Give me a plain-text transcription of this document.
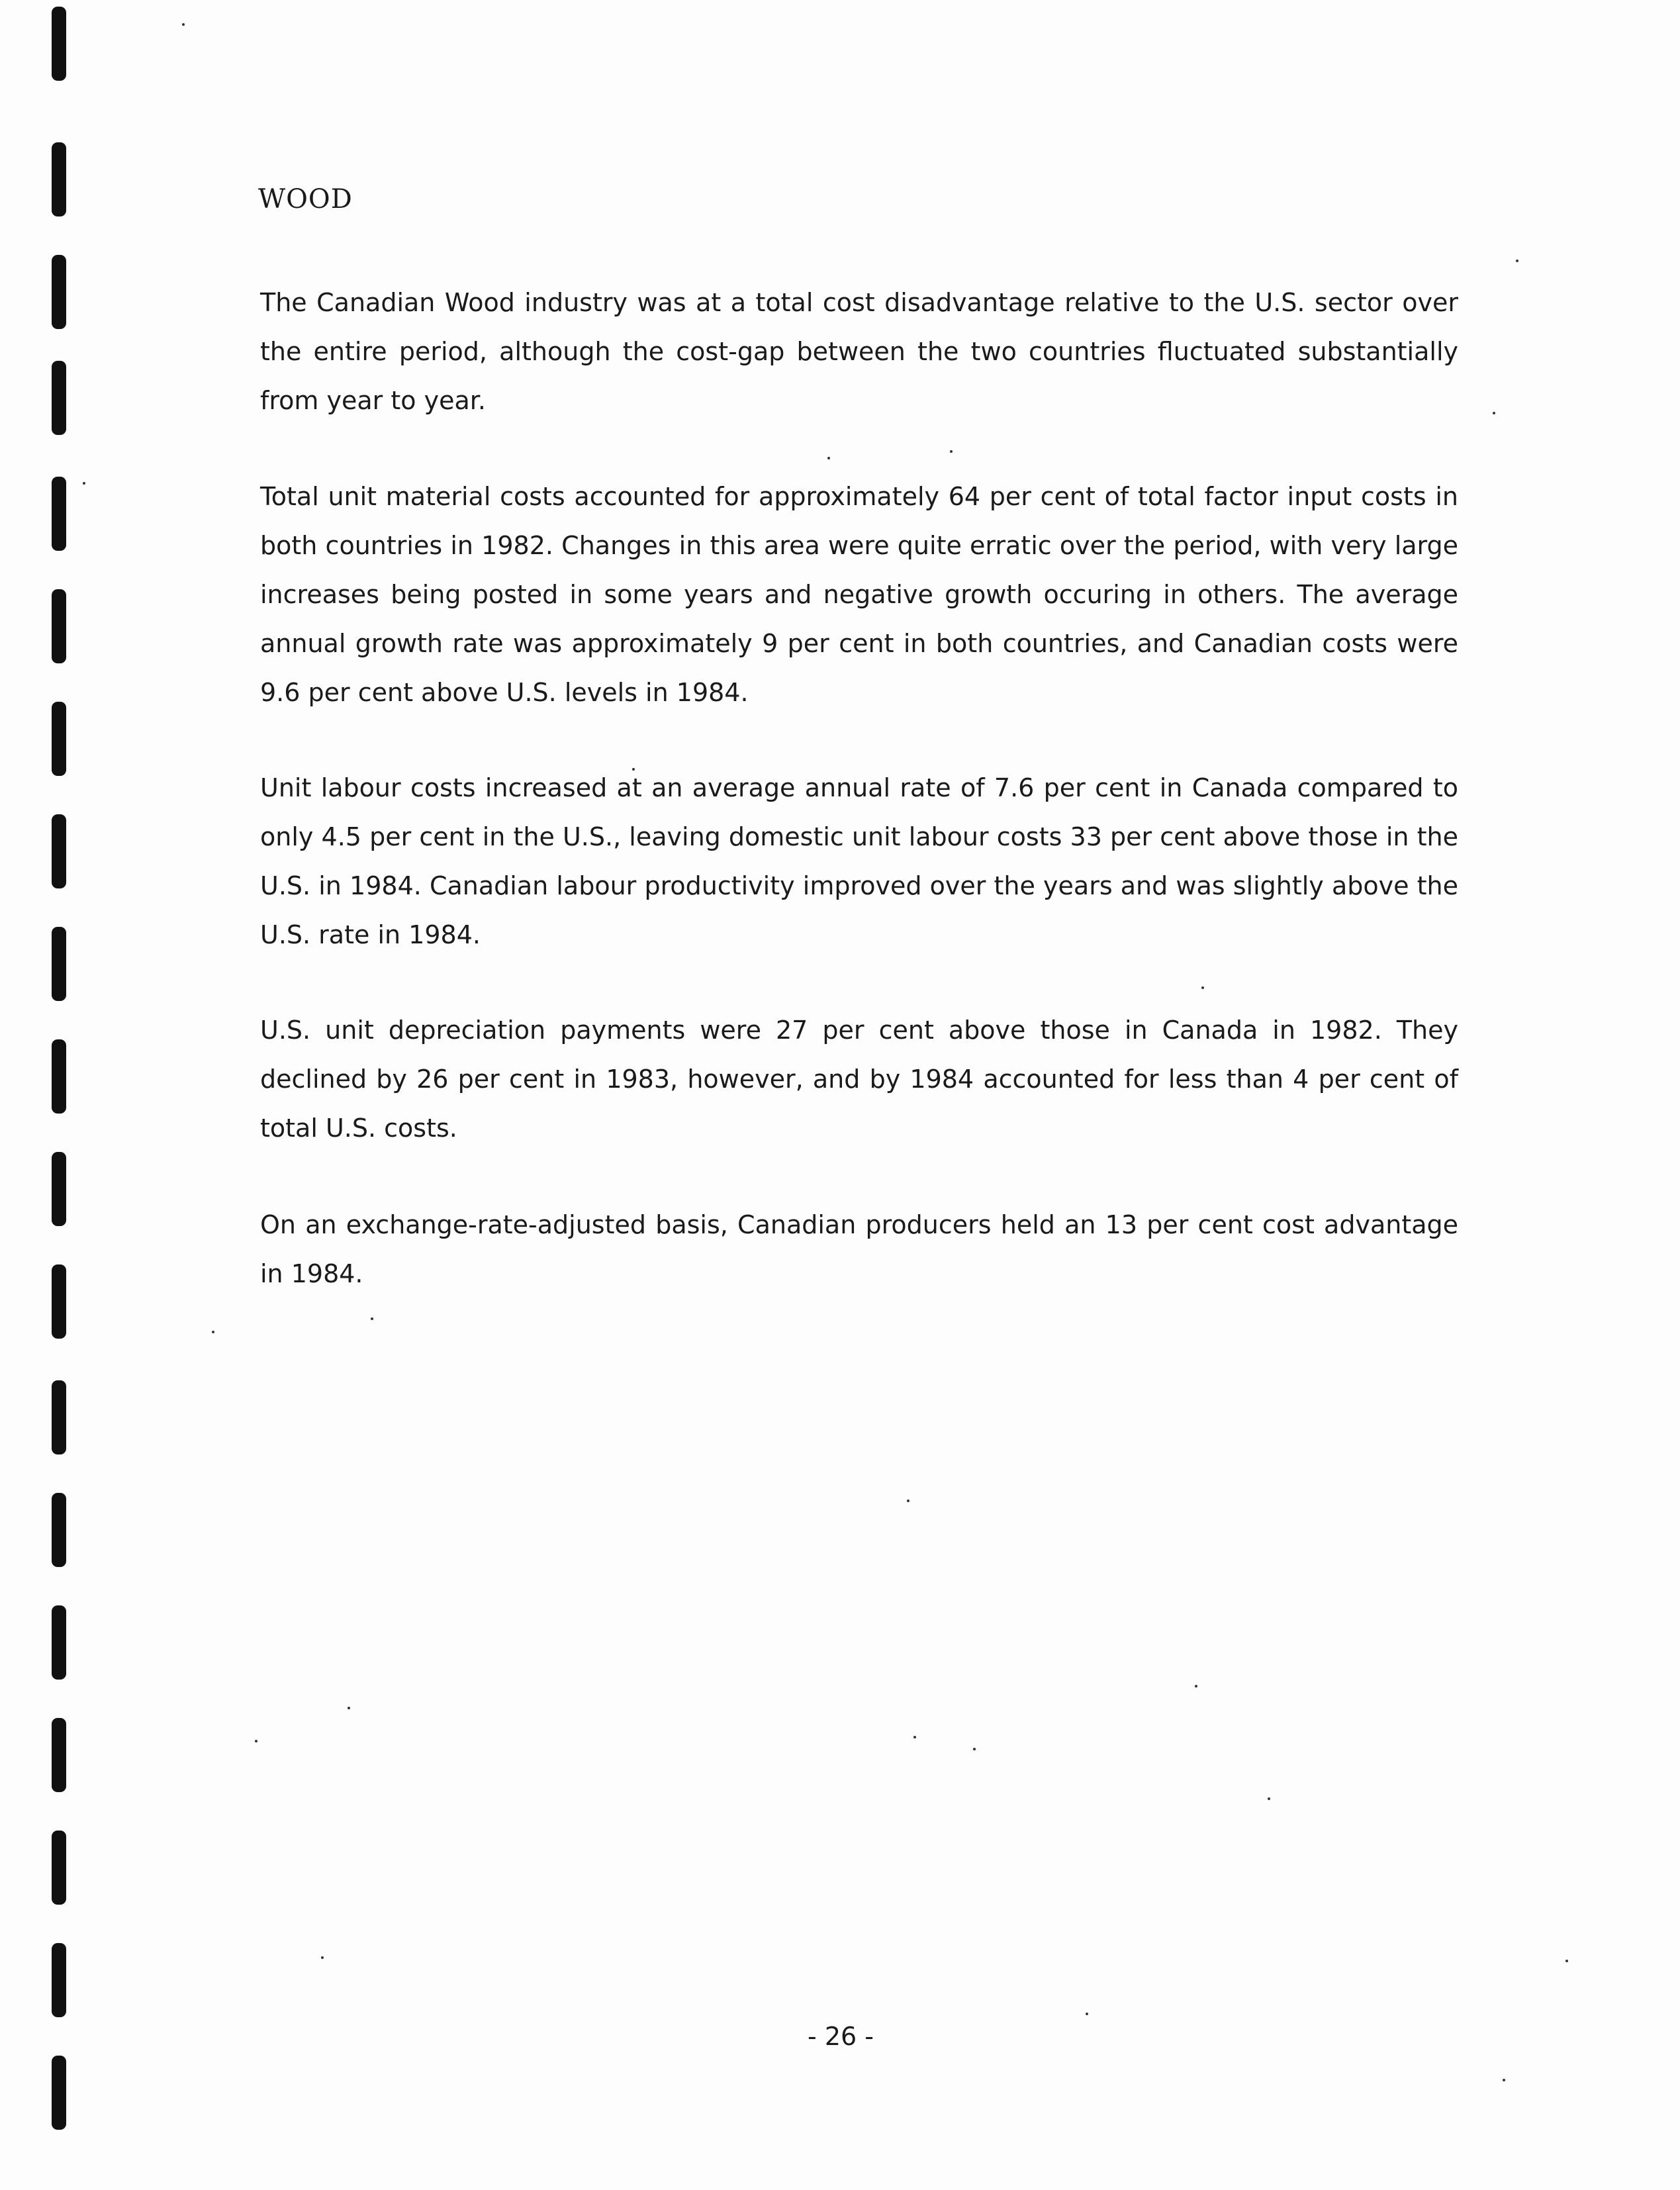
WOOD

The Canadian Wood industry was at a total cost disadvantage relative to the U.S. sector over the entire period, although the cost-gap between the two countries fluctuated substantially from year to year.

Total unit material costs accounted for approximately 64 per cent of total factor input costs in both countries in 1982. Changes in this area were quite erratic over the period, with very large increases being posted in some years and negative growth occuring in others. The average annual growth rate was approximately 9 per cent in both countries, and Canadian costs were 9.6 per cent above U.S. levels in 1984.

Unit labour costs increased at an average annual rate of 7.6 per cent in Canada compared to only 4.5 per cent in the U.S., leaving domestic unit labour costs 33 per cent above those in the U.S. in 1984. Canadian labour productivity improved over the years and was slightly above the U.S. rate in 1984.

U.S. unit depreciation payments were 27 per cent above those in Canada in 1982. They declined by 26 per cent in 1983, however, and by 1984 accounted for less than 4 per cent of total U.S. costs.

On an exchange-rate-adjusted basis, Canadian producers held an 13 per cent cost advantage in 1984.

- 26 -
